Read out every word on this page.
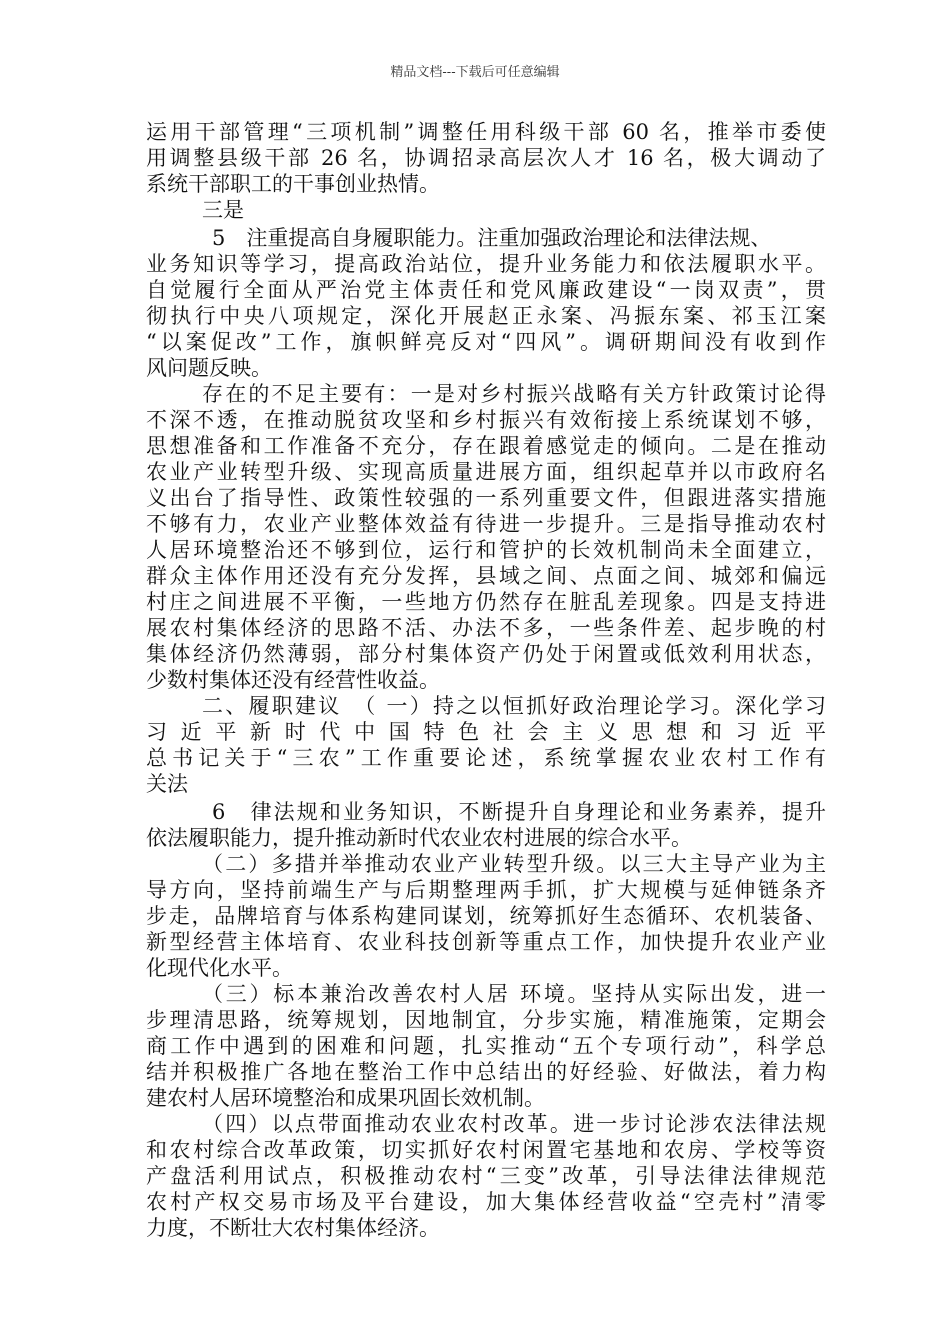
精品文档---下载后可任意编辑
运用干部管理“三项机制”调整任用科级干部 60 名，推举市委使
用调整县级干部 26 名，协调招录高层次人才 16 名，极大调动了
系统干部职工的干事创业热情。
三是
5　注重提高自身履职能力。注重加强政治理论和法律法规、
业务知识等学习，提高政治站位，提升业务能力和依法履职水平。
自觉履行全面从严治党主体责任和党风廉政建设“一岗双责”，贯
彻执行中央八项规定，深化开展赵正永案、冯振东案、祁玉江案
“以案促改”工作，旗帜鲜亮反对“四风”。调研期间没有收到作
风问题反映。
存在的不足主要有：一是对乡村振兴战略有关方针政策讨论得
不深不透，在推动脱贫攻坚和乡村振兴有效衔接上系统谋划不够，
思想准备和工作准备不充分，存在跟着感觉走的倾向。二是在推动
农业产业转型升级、实现高质量进展方面，组织起草并以市政府名
义出台了指导性、政策性较强的一系列重要文件，但跟进落实措施
不够有力，农业产业整体效益有待进一步提升。三是指导推动农村
人居环境整治还不够到位，运行和管护的长效机制尚未全面建立，
群众主体作用还没有充分发挥，县域之间、点面之间、城郊和偏远
村庄之间进展不平衡，一些地方仍然存在脏乱差现象。四是支持进
展农村集体经济的思路不活、办法不多，一些条件差、起步晚的村
集体经济仍然薄弱，部分村集体资产仍处于闲置或低效利用状态，
少数村集体还没有经营性收益。
二、履职建议　（ 一）持之以恒抓好政治理论学习。深化学习
习近平新时代中国特色社会主义思想和习近平
总书记关于“三农”工作重要论述，系统掌握农业农村工作有
关法
6　律法规和业务知识，不断提升自身理论和业务素养，提升
依法履职能力，提升推动新时代农业农村进展的综合水平。
（二）多措并举推动农业产业转型升级。以三大主导产业为主
导方向，坚持前端生产与后期整理两手抓，扩大规模与延伸链条齐
步走，品牌培育与体系构建同谋划，统筹抓好生态循环、农机装备、
新型经营主体培育、农业科技创新等重点工作，加快提升农业产业
化现代化水平。
（三）标本兼治改善农村人居 环境。坚持从实际出发，进一
步理清思路，统筹规划，因地制宜，分步实施，精准施策，定期会
商工作中遇到的困难和问题，扎实推动“五个专项行动”，科学总
结并积极推广各地在整治工作中总结出的好经验、好做法，着力构
建农村人居环境整治和成果巩固长效机制。
（四）以点带面推动农业农村改革。进一步讨论涉农法律法规
和农村综合改革政策，切实抓好农村闲置宅基地和农房、学校等资
产盘活利用试点，积极推动农村“三变”改革，引导法律法律规范
农村产权交易市场及平台建设，加大集体经营收益“空壳村”清零
力度，不断壮大农村集体经济。
